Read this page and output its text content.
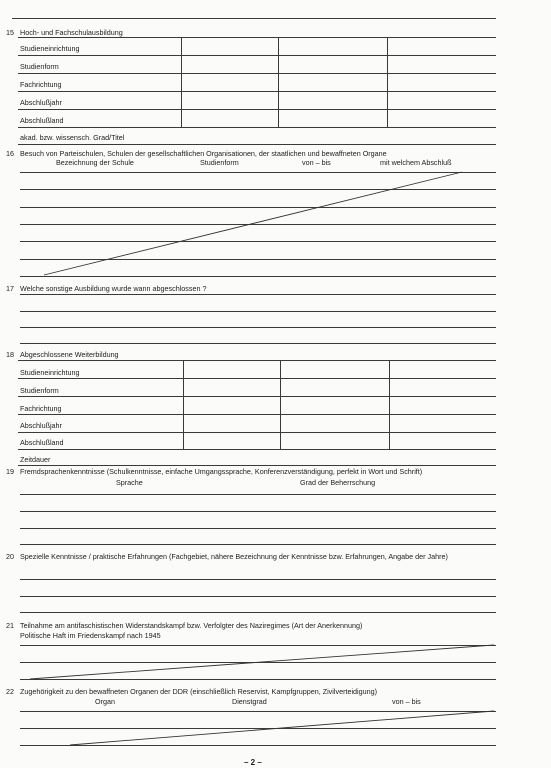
15 Hoch- und Fachschulausbildung
Studieneinrichtung
Studienform
Fachrichtung
Abschlußjahr
Abschlußland
akad. bzw. wissensch. Grad/Titel
16 Besuch von Parteischulen, Schulen der gesellschaftlichen Organisationen, der staatlichen und bewaffneten Organe
Bezeichnung der Schule	Studienform	von – bis	mit welchem Abschluß
17 Welche sonstige Ausbildung wurde wann abgeschlossen ?
18 Abgeschlossene Weiterbildung
Studieneinrichtung
Studienform
Fachrichtung
Abschlußjahr
Abschlußland
Zeitdauer
19 Fremdsprachenkenntnisse (Schulkenntnisse, einfache Umgangssprache, Konferenzverständigung, perfekt in Wort und Schrift)
Sprache	Grad der Beherrschung
20 Spezielle Kenntnisse / praktische Erfahrungen (Fachgebiet, nähere Bezeichnung der Kenntnisse bzw. Erfahrungen, Angabe der Jahre)
21 Teilnahme am antifaschistischen Widerstandskampf bzw. Verfolgter des Naziregimes (Art der Anerkennung)
Politische Haft im Friedenskampf nach 1945
22 Zugehörigkeit zu den bewaffneten Organen der DDR (einschließlich Reservist, Kampfgruppen, Zivilverteidigung)
Organ	Dienstgrad	von – bis
– 2 –
